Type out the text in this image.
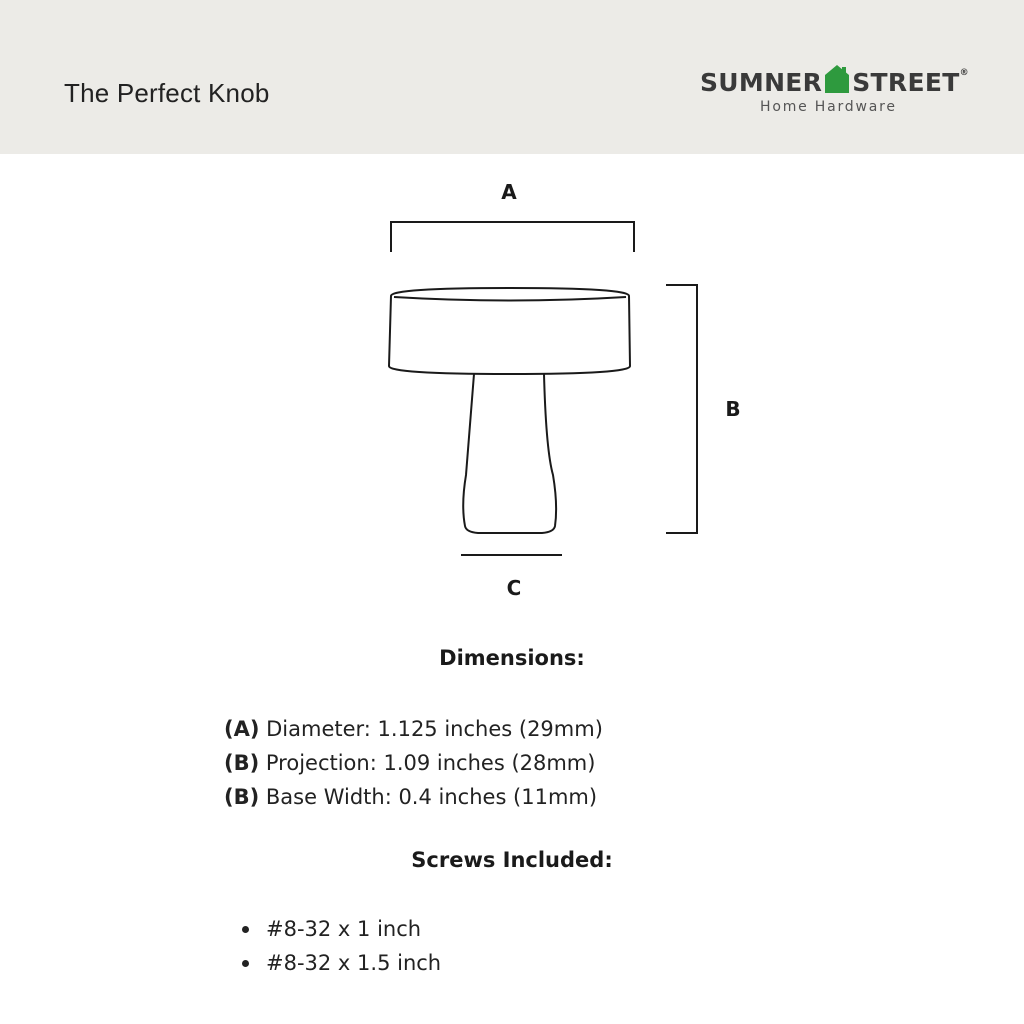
The Perfect Knob	SUMNER STREET®
Home Hardware
A
B
C
Dimensions:
(A) Diameter: 1.125 inches (29mm)
(B) Projection: 1.09 inches (28mm)
(B) Base Width: 0.4 inches (11mm)
Screws Included:
#8-32 x 1 inch
#8-32 x 1.5 inch
